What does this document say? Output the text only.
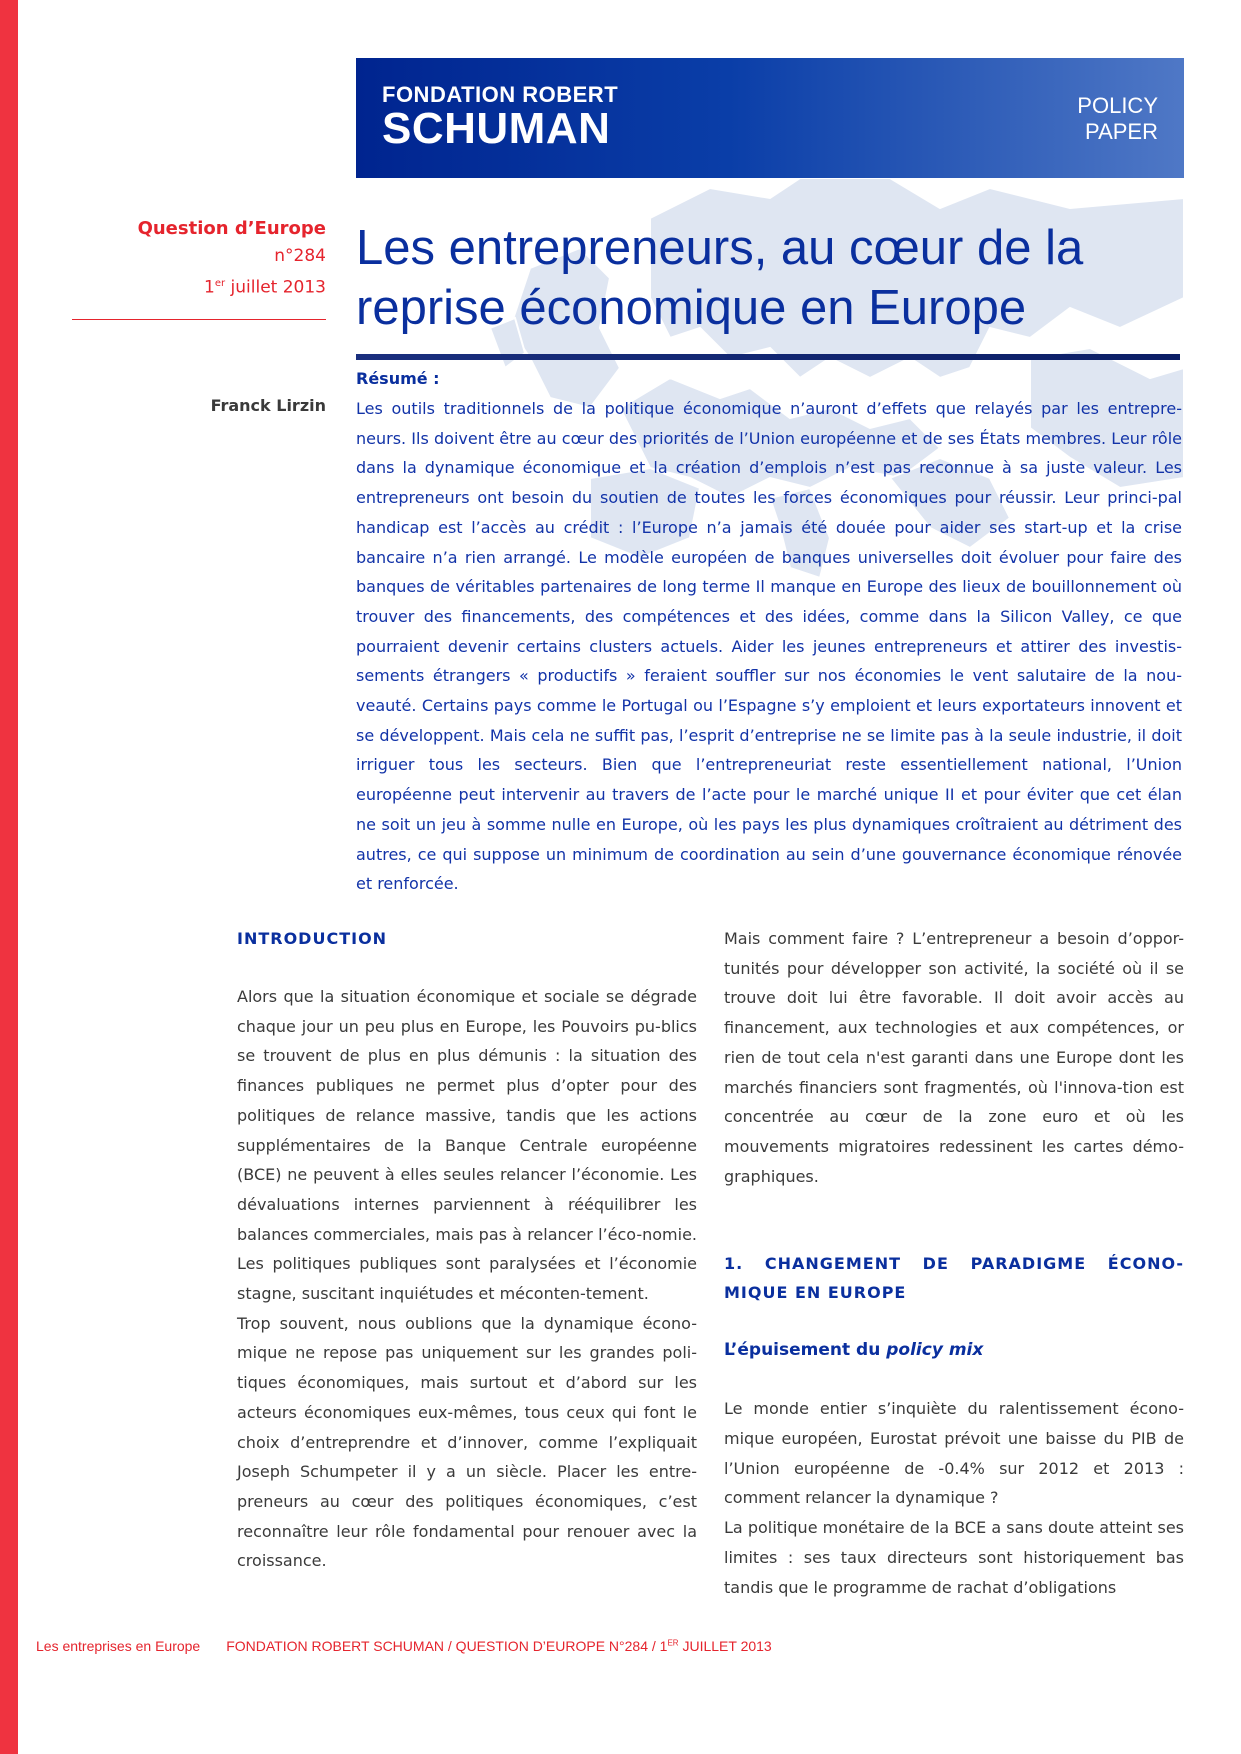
FONDATION ROBERT
SCHUMAN	POLICY
PAPER
Question d’Europe
n°284
1er juillet 2013
Franck Lirzin
Les entrepreneurs, au cœur de la reprise économique en Europe
Résumé :

Les outils traditionnels de la politique économique n’auront d’effets que relayés par les entrepre-neurs. Ils doivent être au cœur des priorités de l’Union européenne et de ses États membres. Leur rôle dans la dynamique économique et la création d’emplois n’est pas reconnue à sa juste valeur. Les entrepreneurs ont besoin du soutien de toutes les forces économiques pour réussir. Leur princi-pal handicap est l’accès au crédit : l’Europe n’a jamais été douée pour aider ses start-up et la crise bancaire n’a rien arrangé. Le modèle européen de banques universelles doit évoluer pour faire des banques de véritables partenaires de long terme Il manque en Europe des lieux de bouillonnement où trouver des financements, des compétences et des idées, comme dans la Silicon Valley, ce que pourraient devenir certains clusters actuels. Aider les jeunes entrepreneurs et attirer des investis-sements étrangers « productifs » feraient souffler sur nos économies le vent salutaire de la nou-veauté. Certains pays comme le Portugal ou l’Espagne s’y emploient et leurs exportateurs innovent et se développent. Mais cela ne suffit pas, l’esprit d’entreprise ne se limite pas à la seule industrie, il doit irriguer tous les secteurs. Bien que l’entrepreneuriat reste essentiellement national, l’Union européenne peut intervenir au travers de l’acte pour le marché unique II et pour éviter que cet élan ne soit un jeu à somme nulle en Europe, où les pays les plus dynamiques croîtraient au détriment des autres, ce qui suppose un minimum de coordination au sein d’une gouvernance économique rénovée et renforcée.

INTRODUCTION

Alors que la situation économique et sociale se dégrade chaque jour un peu plus en Europe, les Pouvoirs pu-blics se trouvent de plus en plus démunis : la situation des finances publiques ne permet plus d’opter pour des politiques de relance massive, tandis que les actions supplémentaires de la Banque Centrale européenne (BCE) ne peuvent à elles seules relancer l’économie. Les dévaluations internes parviennent à rééquilibrer les balances commerciales, mais pas à relancer l’éco-nomie. Les politiques publiques sont paralysées et l’économie stagne, suscitant inquiétudes et méconten-tement.

Trop souvent, nous oublions que la dynamique écono-mique ne repose pas uniquement sur les grandes poli-tiques économiques, mais surtout et d’abord sur les acteurs économiques eux-mêmes, tous ceux qui font le choix d’entreprendre et d’innover, comme l’expliquait Joseph Schumpeter il y a un siècle. Placer les entre-preneurs au cœur des politiques économiques, c’est reconnaître leur rôle fondamental pour renouer avec la croissance.

Mais comment faire ? L’entrepreneur a besoin d’oppor-tunités pour développer son activité, la société où il se trouve doit lui être favorable. Il doit avoir accès au financement, aux technologies et aux compétences, or rien de tout cela n'est garanti dans une Europe dont les marchés financiers sont fragmentés, où l'innova-tion est concentrée au cœur de la zone euro et où les mouvements migratoires redessinent les cartes démo-graphiques.

1. CHANGEMENT DE PARADIGME ÉCONO-MIQUE EN EUROPE
L’épuisement du policy mix

Le monde entier s’inquiète du ralentissement écono-mique européen, Eurostat prévoit une baisse du PIB de l’Union européenne de -0.4% sur 2012 et 2013 : comment relancer la dynamique ?

La politique monétaire de la BCE a sans doute atteint ses limites : ses taux directeurs sont historiquement bas tandis que le programme de rachat d’obligations

Les entreprises en Europe FONDATION ROBERT SCHUMAN / QUESTION D’EUROPE N°284 / 1ER JUILLET 2013
